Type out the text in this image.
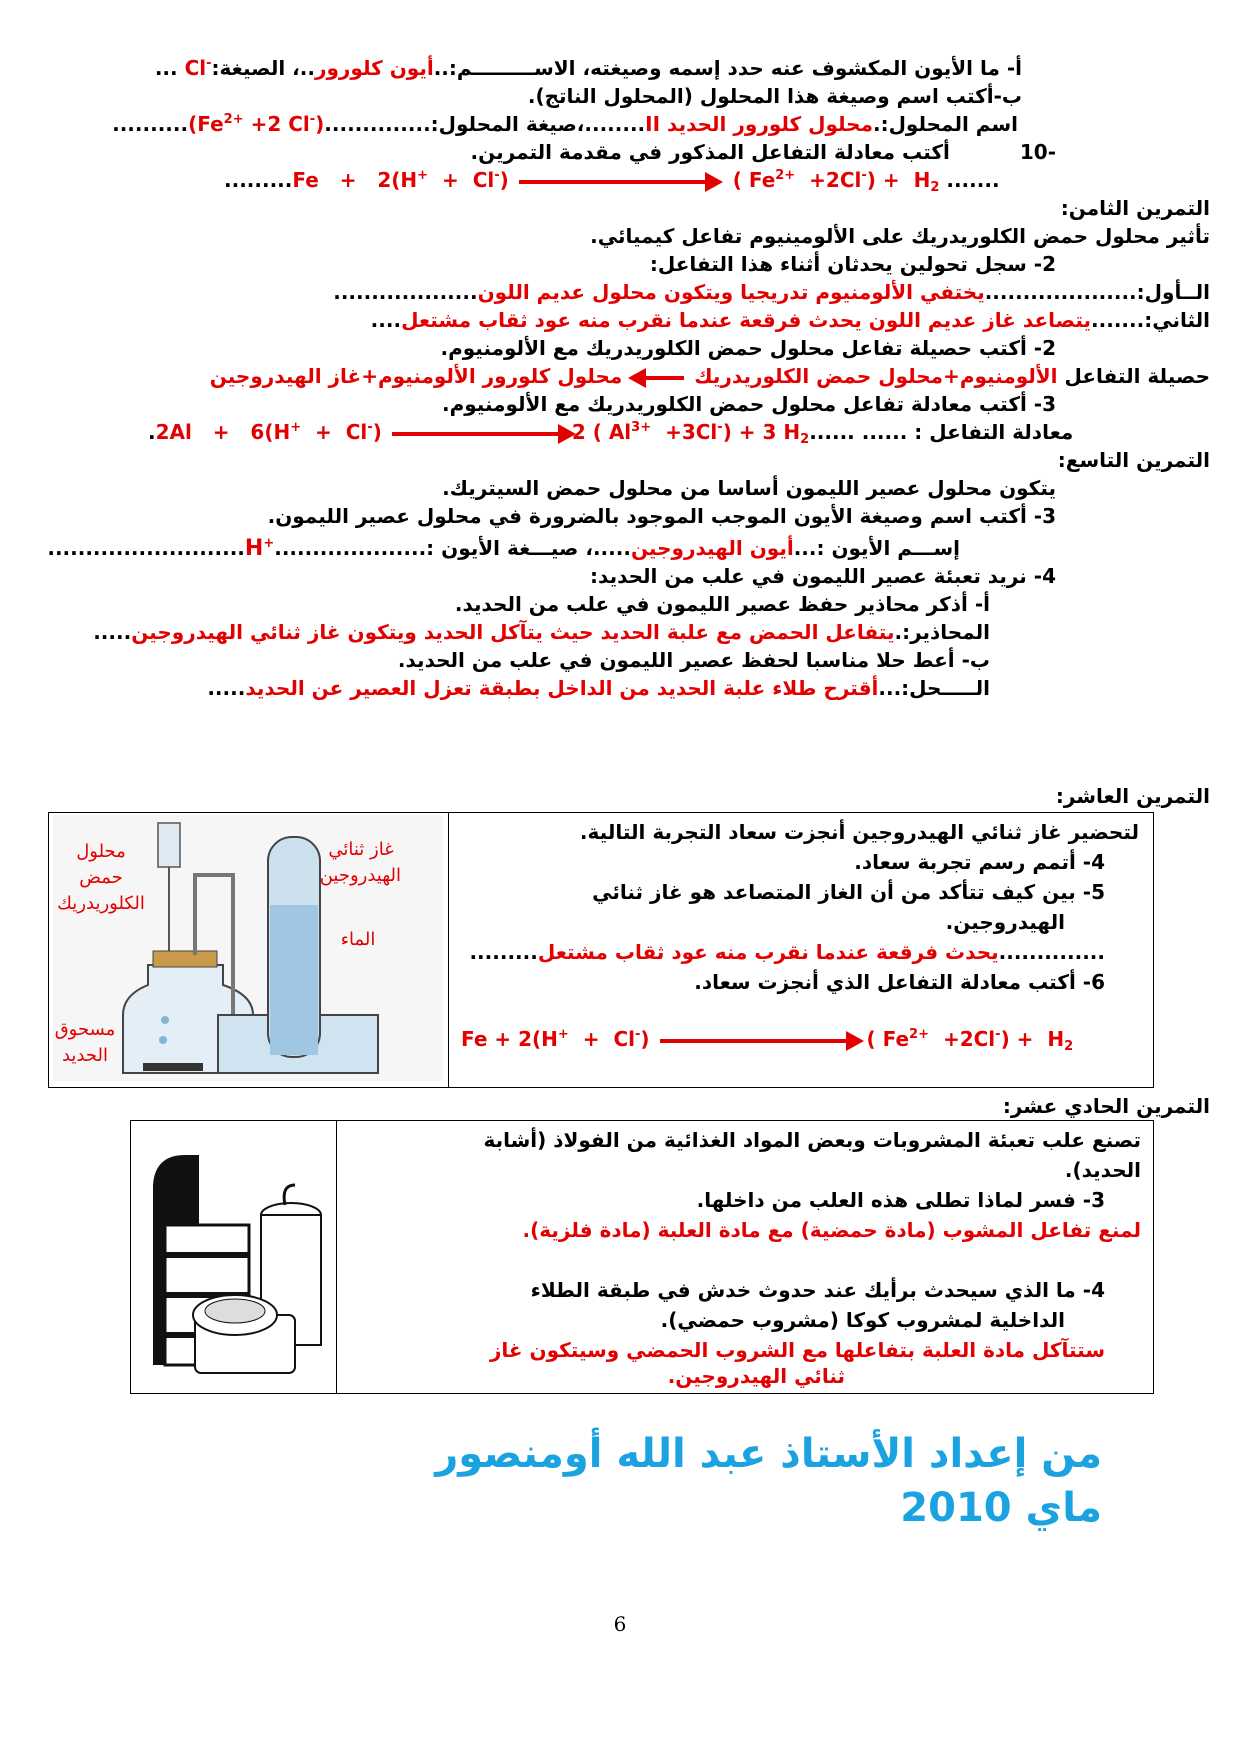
أ- ما الأيون المكشوف عنه حدد إسمه وصيغته، الاســـــــــم:..أيون كلورور..، الصيغة:Cl- ...
ب-أكتب اسم وصيغة هذا المحلول (المحلول الناتج).
اسم المحلول:.محلول كلورور الحديد II........،صيغة $المحلول:..............(Fe^{2+} +2$ Cl-)..........
-10أكتب معادلة التفاعل المذكور في مقدمة التمرين.
.........Fe + 2(H+ + Cl-)	( $Fe^{2+} +2Cl^-) + H_2$ .......
التمرين الثامن:
تأثير محلول حمض الكلوريدريك على الألومينيوم تفاعل كيميائي.
2- سجل تحولين يحدثان أثناء هذا التفاعل:
الــأول:....................يختفي الألومنيوم تدريجيا ويتكون محلول عديم اللون...................
الثاني:.......يتصاعد غاز عديم اللون يحدث فرقعة عندما نقرب منه عود ثقاب مشتعل....
2- أكتب حصيلة تفاعل محلول حمض الكلوريدريك مع الألومنيوم.
حصيلة التفاعل الألومنيوم+محلول حمض الكلوريدريكمحلول كلورور الألومنيوم+غاز الهيدروجين
3- أكتب معادلة تفاعل محلول حمض الكلوريدريك مع الألومنيوم.
.2Al + 6(H+ + Cl-)	2 ( $Al^{3+} +3Cl^-) + 3$ $H_2$...... ...... معادلة التفاعل :
التمرين التاسع:
يتكون محلول عصير الليمون أساسا من محلول حمض السيتريك.
3- أكتب اسم وصيغة الأيون الموجب الموجود بالضرورة في محلول عصير الليمون.
إســـم الأيون :...أيون الهيدروجين.....، صيـــغة الأيون :....................H+..........................
4- نريد تعبئة عصير الليمون في علب من الحديد:
أ- أذكر محاذير حفظ عصير الليمون في علب من الحديد.
المحاذير:.يتفاعل الحمض مع علبة الحديد حيث يتآكل الحديد ويتكون غاز ثنائي الهيدروجين.....
ب- أعط حلا مناسبا لحفظ عصير الليمون في علب من الحديد.
الـــــحل:...أقترح طلاء علبة الحديد من الداخل بطبقة تعزل العصير عن الحديد.....
التمرين العاشر:
محلول حمض الكلوريدريك
غاز ثنائي الهيدروجين
الماء
مسحوق الحديد
لتحضير غاز ثنائي الهيدروجين أنجزت سعاد التجربة التالية.
4- أتمم رسم تجربة سعاد.
5- بين كيف تتأكد من أن الغاز المتصاعد هو غاز ثنائي
الهيدروجين.
..............يحدث فرقعة عندما نقرب منه عود ثقاب مشتعل.........
6- أكتب معادلة التفاعل الذي أنجزت سعاد.
Fe + 2(H+ + Cl-)	( $Fe^{2+} +2Cl^-) + H_2$
التمرين الحادي عشر:
تصنع علب تعبئة المشروبات وبعض المواد الغذائية من الفولاذ (أشابة
الحديد).
3- فسر لماذا تطلى هذه العلب من داخلها.
لمنع تفاعل المشوب (مادة حمضية) مع مادة العلبة (مادة فلزية).
4- ما الذي سيحدث برأيك عند حدوث خدش في طبقة الطلاء
الداخلية لمشروب كوكا (مشروب حمضي).
ستتآكل مادة العلبة بتفاعلها مع الشروب الحمضي وسيتكون غاز
ثنائي الهيدروجين.
من إعداد الأستاذ عبد الله أومنصور
ماي 2010
6
